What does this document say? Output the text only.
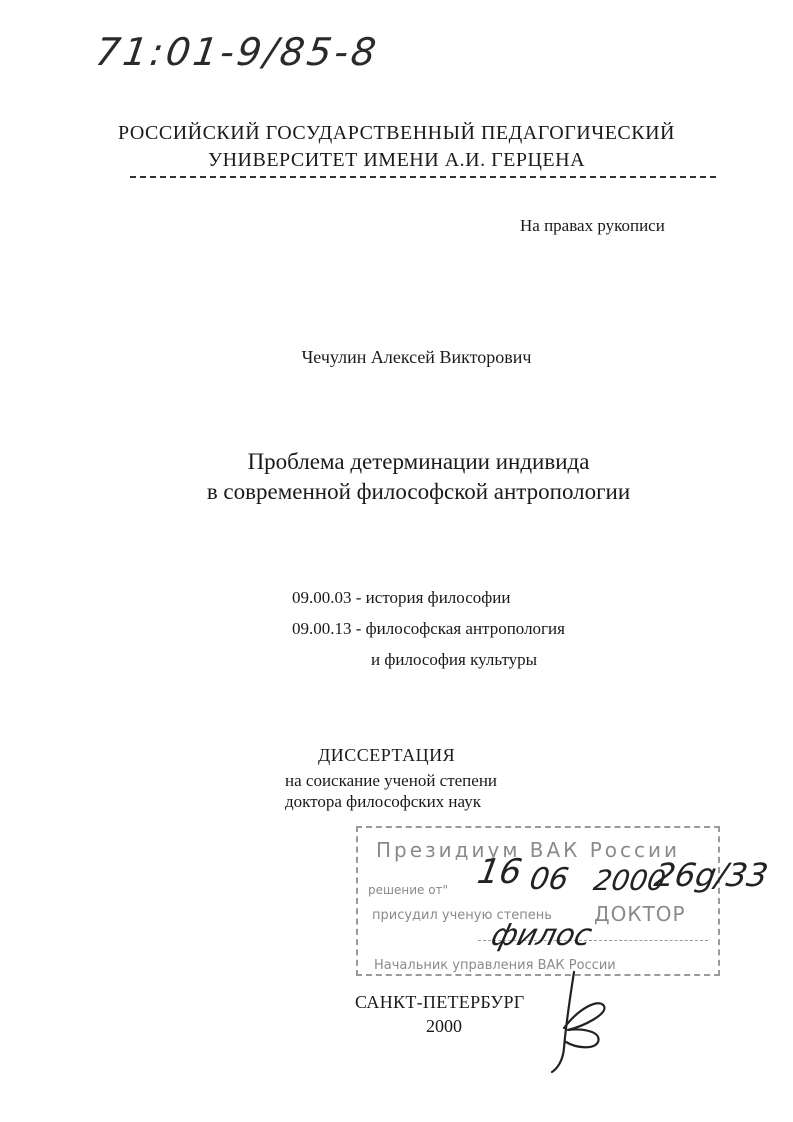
71:01-9/85-8
РОССИЙСКИЙ ГОСУДАРСТВЕННЫЙ ПЕДАГОГИЧЕСКИЙ
УНИВЕРСИТЕТ ИМЕНИ А.И. ГЕРЦЕНА
На правах рукописи
Чечулин Алексей Викторович
Проблема детерминации индивида
в современной философской антропологии
09.00.03 - история философии
09.00.13 - философская антропология
и философия культуры
ДИССЕРТАЦИЯ
на соискание ученой степени
доктора философских наук
Президиум ВАК России
решение от"
присудил ученую степень ДОКТОР
Начальник управления ВАК России
16 06 2000
26g/33
филос
САНКТ-ПЕТЕРБУРГ
2000
